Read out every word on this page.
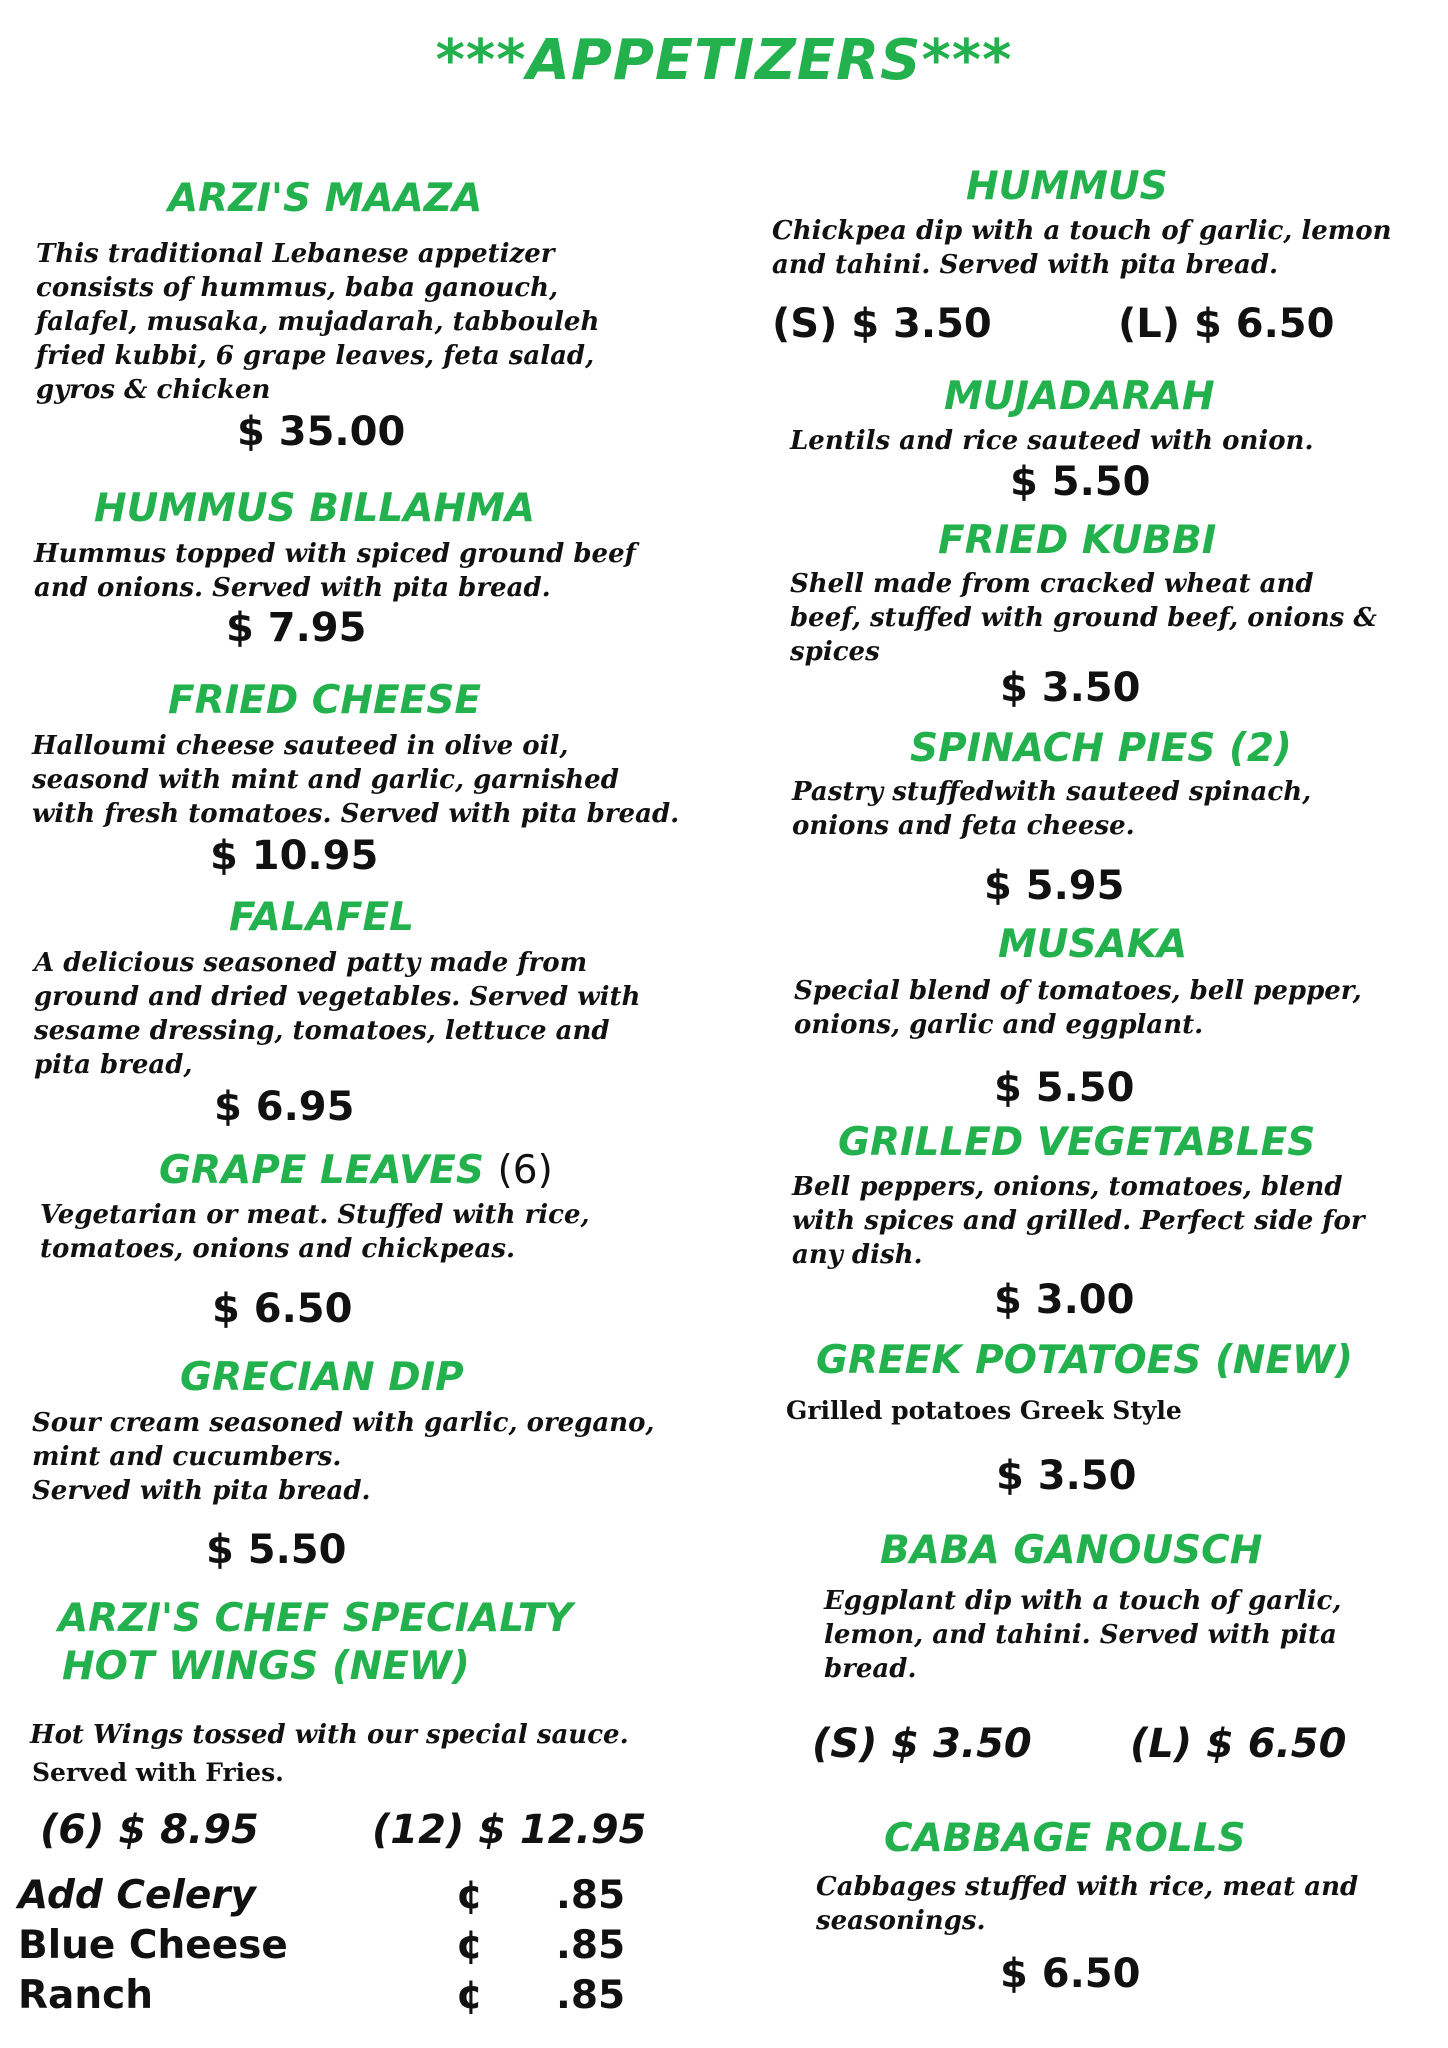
***APPETIZERS***
ARZI'S MAAZA
This traditional Lebanese appetizer
consists of hummus, baba ganouch,
falafel, musaka, mujadarah, tabbouleh
fried kubbi, 6 grape leaves, feta salad,
gyros & chicken
$ 35.00
HUMMUS BILLAHMA
Hummus topped with spiced ground beef
and onions. Served with pita bread.
$ 7.95
FRIED CHEESE
Halloumi cheese sauteed in olive oil,
seasond with mint and garlic, garnished
with fresh tomatoes. Served with pita bread.
$ 10.95
FALAFEL
A delicious seasoned patty made from
ground and dried vegetables. Served with
sesame dressing, tomatoes, lettuce and
pita bread,
$ 6.95
GRAPE LEAVES (6)
Vegetarian or meat. Stuffed with rice,
tomatoes, onions and chickpeas.
$ 6.50
GRECIAN DIP
Sour cream seasoned with garlic, oregano,
mint and cucumbers.
Served with pita bread.
$ 5.50
ARZI'S CHEF SPECIALTY
HOT WINGS (NEW)
Hot Wings tossed with our special sauce.
Served with Fries.
(6) $ 8.95	(12) $ 12.95
Add Celery	¢ .85
Blue Cheese	¢ .85
Ranch	¢ .85
HUMMUS
Chickpea dip with a touch of garlic, lemon
and tahini. Served with pita bread.
(S) $ 3.50	(L) $ 6.50
MUJADARAH
Lentils and rice sauteed with onion.
$ 5.50
FRIED KUBBI
Shell made from cracked wheat and
beef, stuffed with ground beef, onions &
spices
$ 3.50
SPINACH PIES (2)
Pastry stuffedwith sauteed spinach,
onions and feta cheese.
$ 5.95
MUSAKA
Special blend of tomatoes, bell pepper,
onions, garlic and eggplant.
$ 5.50
GRILLED VEGETABLES
Bell peppers, onions, tomatoes, blend
with spices and grilled. Perfect side for
any dish.
$ 3.00
GREEK POTATOES (NEW)
Grilled potatoes Greek Style
$ 3.50
BABA GANOUSCH
Eggplant dip with a touch of garlic,
lemon, and tahini. Served with pita
bread.
(S) $ 3.50 (L) $ 6.50
CABBAGE ROLLS
Cabbages stuffed with rice, meat and
seasonings.
$ 6.50
